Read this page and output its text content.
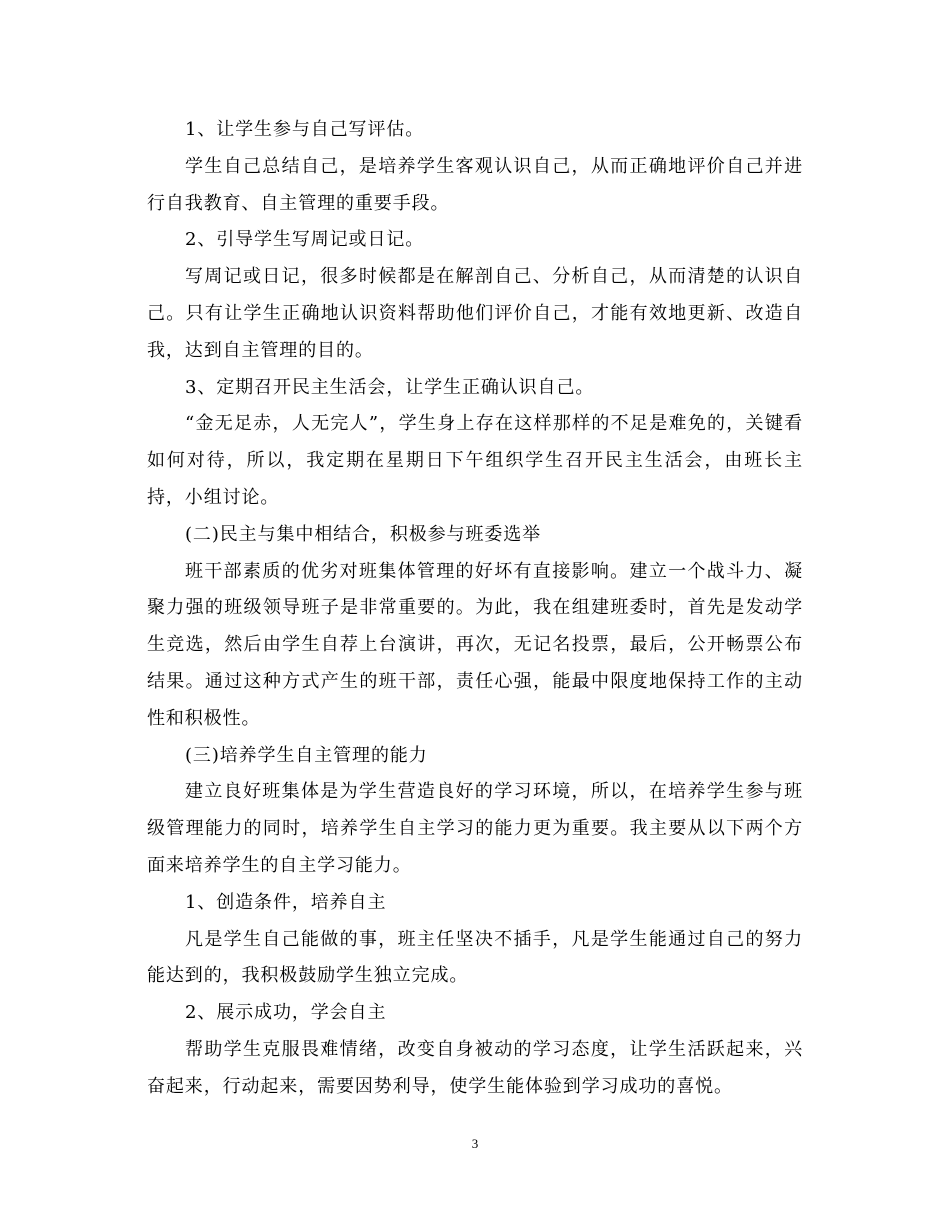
1、让学生参与自己写评估。

学生自己总结自己，是培养学生客观认识自己，从而正确地评价自己并进行自我教育、自主管理的重要手段。

2、引导学生写周记或日记。

写周记或日记，很多时候都是在解剖自己、分析自己，从而清楚的认识自己。只有让学生正确地认识资料帮助他们评价自己，才能有效地更新、改造自我，达到自主管理的目的。

3、定期召开民主生活会，让学生正确认识自己。

“金无足赤，人无完人”，学生身上存在这样那样的不足是难免的，关键看如何对待，所以，我定期在星期日下午组织学生召开民主生活会，由班长主持，小组讨论。

(二)民主与集中相结合，积极参与班委选举

班干部素质的优劣对班集体管理的好坏有直接影响。建立一个战斗力、凝聚力强的班级领导班子是非常重要的。为此，我在组建班委时，首先是发动学生竞选，然后由学生自荐上台演讲，再次，无记名投票，最后，公开畅票公布结果。通过这种方式产生的班干部，责任心强，能最中限度地保持工作的主动性和积极性。

(三)培养学生自主管理的能力

建立良好班集体是为学生营造良好的学习环境，所以，在培养学生参与班级管理能力的同时，培养学生自主学习的能力更为重要。我主要从以下两个方面来培养学生的自主学习能力。

1、创造条件，培养自主

凡是学生自己能做的事，班主任坚决不插手，凡是学生能通过自己的努力能达到的，我积极鼓励学生独立完成。

2、展示成功，学会自主

帮助学生克服畏难情绪，改变自身被动的学习态度，让学生活跃起来，兴奋起来，行动起来，需要因势利导，使学生能体验到学习成功的喜悦。

3
